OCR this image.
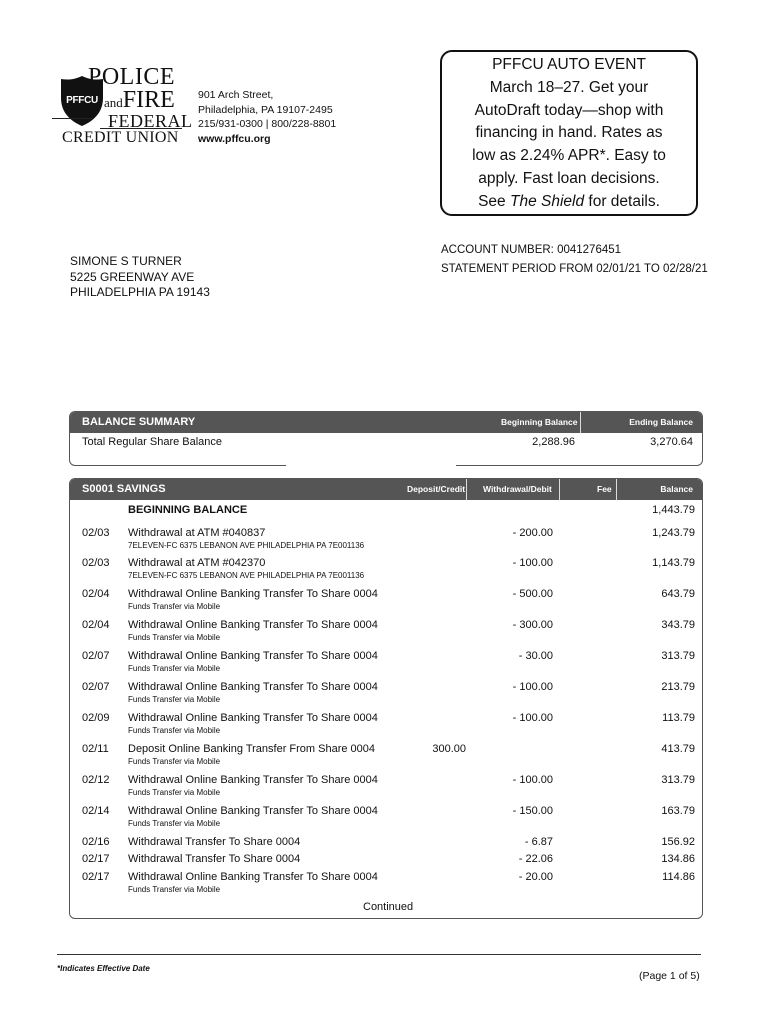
PFFCU
POLICE
andFIRE
FEDERAL
CREDIT UNION
901 Arch Street,
Philadelphia, PA 19107-2495
215/931-0300 | 800/228-8801
www.pffcu.org
PFFCU AUTO EVENT
March 18–27. Get your
AutoDraft today—shop with
financing in hand. Rates as
low as 2.24% APR*. Easy to
apply. Fast loan decisions.
See The Shield for details.
ACCOUNT NUMBER: 0041276451
STATEMENT PERIOD FROM 02/01/21 TO 02/28/21
SIMONE S TURNER
5225 GREENWAY AVE
PHILADELPHIA PA 19143
BALANCE SUMMARY	Beginning Balance	Ending Balance
Total Regular Share Balance	2,288.96	3,270.64
S0001 SAVINGS	Deposit/Credit Withdrawal/Debit	Fee	Balance
BEGINNING BALANCE	1,443.79
02/03 Withdrawal at ATM #040837
7ELEVEN-FC 6375 LEBANON AVE PHILADELPHIA PA 7E001136
- 200.00	1,243.79
02/03 Withdrawal at ATM #042370
7ELEVEN-FC 6375 LEBANON AVE PHILADELPHIA PA 7E001136
- 100.00	1,143.79
02/04 Withdrawal Online Banking Transfer To Share 0004
Funds Transfer via Mobile
- 500.00	643.79
02/04 Withdrawal Online Banking Transfer To Share 0004
Funds Transfer via Mobile
- 300.00	343.79
02/07 Withdrawal Online Banking Transfer To Share 0004
Funds Transfer via Mobile
- 30.00	313.79
02/07 Withdrawal Online Banking Transfer To Share 0004
Funds Transfer via Mobile
- 100.00	213.79
02/09 Withdrawal Online Banking Transfer To Share 0004
Funds Transfer via Mobile
- 100.00	113.79
02/11 Deposit Online Banking Transfer From Share 0004
Funds Transfer via Mobile
300.00	413.79
02/12 Withdrawal Online Banking Transfer To Share 0004
Funds Transfer via Mobile
- 100.00	313.79
02/14 Withdrawal Online Banking Transfer To Share 0004
Funds Transfer via Mobile
- 150.00	163.79
02/16 Withdrawal Transfer To Share 0004	- 6.87	156.92
02/17 Withdrawal Transfer To Share 0004	- 22.06	134.86
02/17 Withdrawal Online Banking Transfer To Share 0004
Funds Transfer via Mobile
- 20.00	114.86
Continued
*Indicates Effective Date
(Page 1 of 5)
